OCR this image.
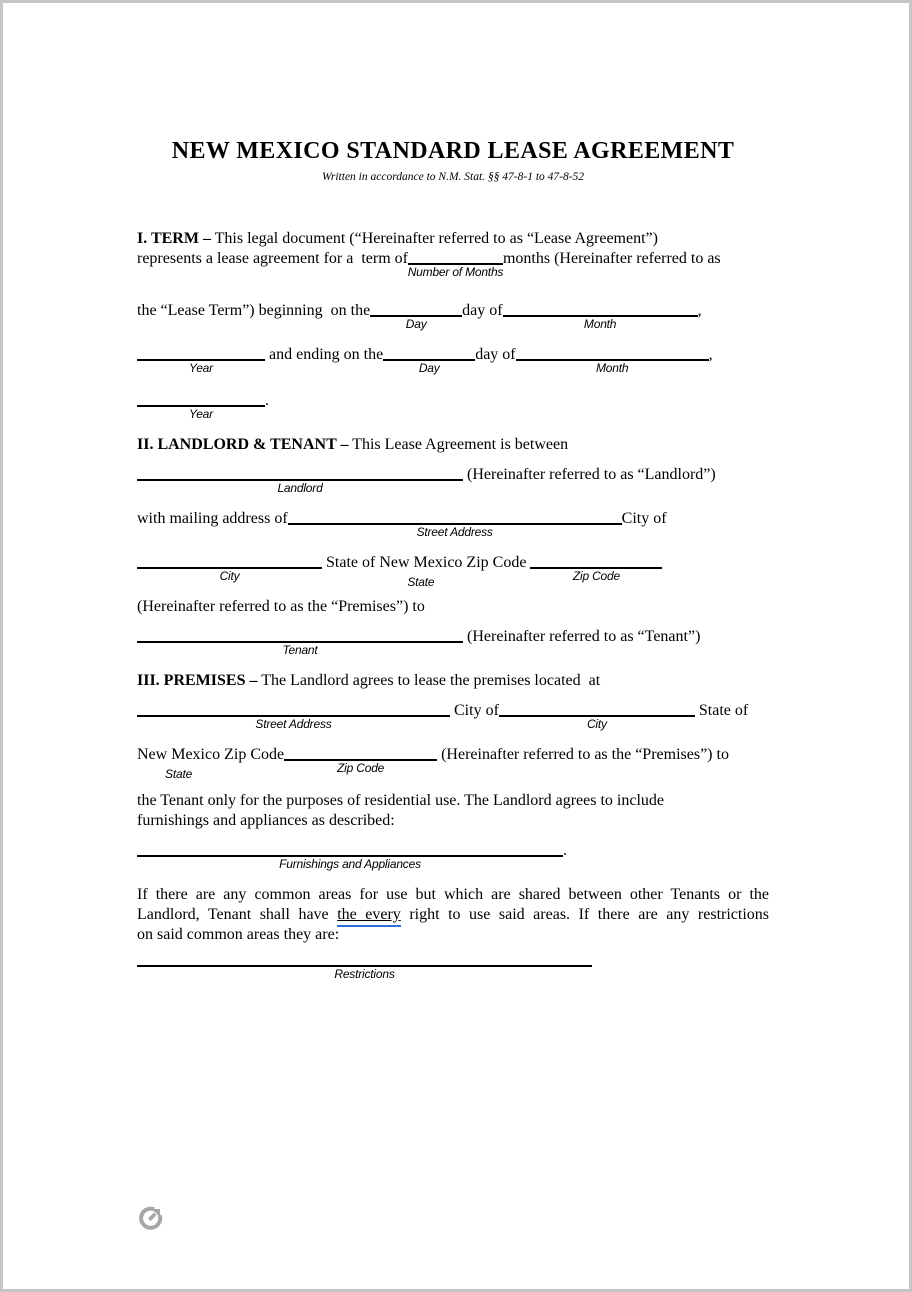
NEW MEXICO STANDARD LEASE AGREEMENT
Written in accordance to N.M. Stat. §§ 47-8-1 to 47-8-52
I. TERM – This legal document (“Hereinafter referred to as “Lease Agreement”)
represents a lease agreement for a  term of
Number of Months
months (Hereinafter referred to as
the “Lease Term”) beginning  on the
Day
day of
Month
,
Year
and ending on the
Day
day of
Month
,
Year
.
II. LANDLORD & TENANT – This Lease Agreement is between
Landlord
(Hereinafter referred to as “Landlord”)
with mailing address of
Street Address
City of
City
State of New Mexico
State
Zip Code
Zip Code
(Hereinafter referred to as the “Premises”) to
Tenant
(Hereinafter referred to as “Tenant”)
III. PREMISES – The Landlord agrees to lease the premises located  at
Street Address
City of
City
State of
New Mexico
State
Zip Code
Zip Code
(Hereinafter referred to as the “Premises”) to
the Tenant only for the purposes of residential use. The Landlord agrees to include
furnishings and appliances as described:
Furnishings and Appliances
.
If there are any common areas for use but which are shared between other Tenants or the
Landlord, Tenant shall have the every right to use said areas. If there are any restrictions
on said common areas they are:
Restrictions
